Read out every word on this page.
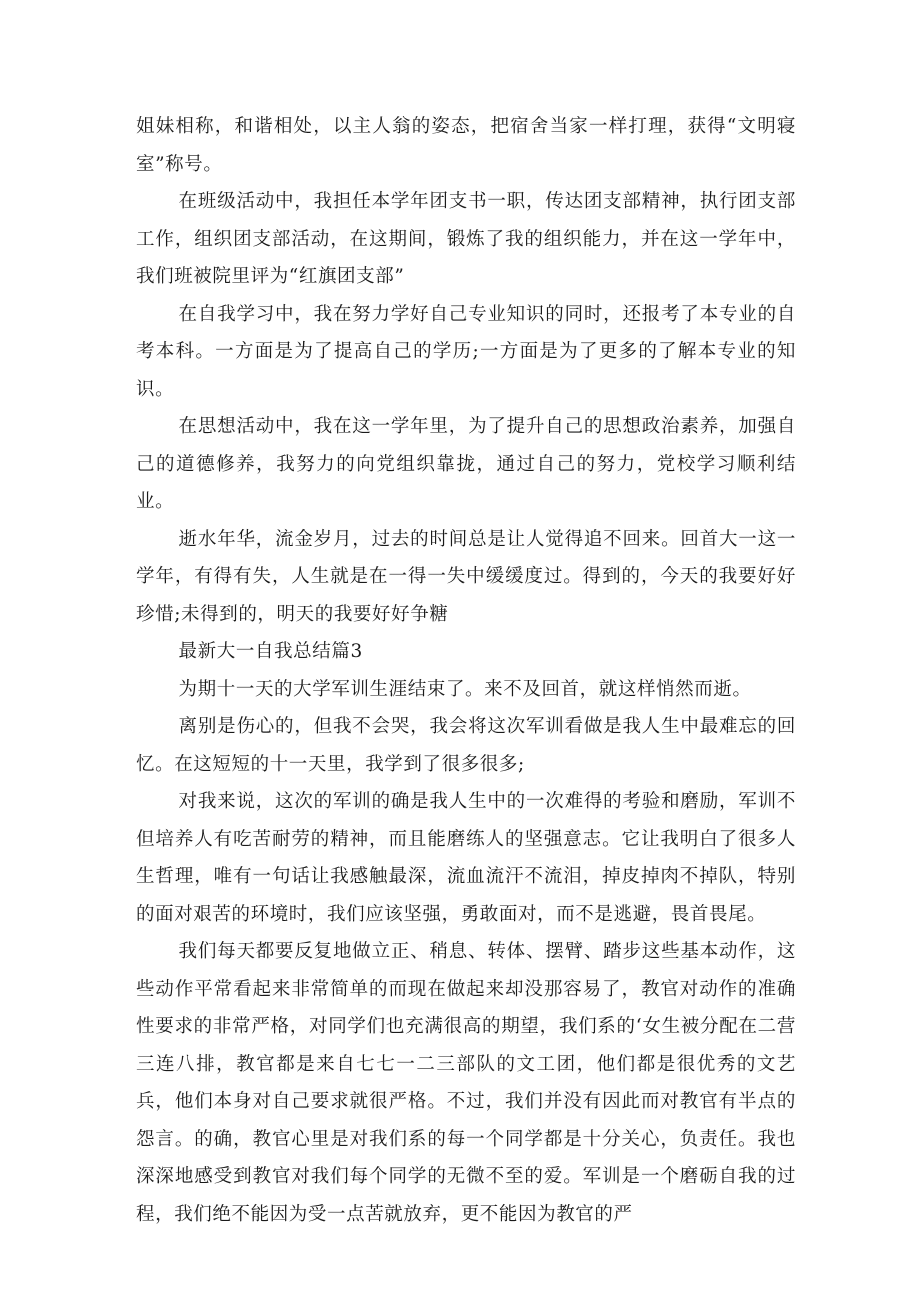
姐妹相称，和谐相处，以主人翁的姿态，把宿舍当家一样打理，获得“文明寝室”称号。

在班级活动中，我担任本学年团支书一职，传达团支部精神，执行团支部工作，组织团支部活动，在这期间，锻炼了我的组织能力，并在这一学年中，我们班被院里评为“红旗团支部”

在自我学习中，我在努力学好自己专业知识的同时，还报考了本专业的自考本科。一方面是为了提高自己的学历;一方面是为了更多的了解本专业的知识。

在思想活动中，我在这一学年里，为了提升自己的思想政治素养，加强自己的道德修养，我努力的向党组织靠拢，通过自己的努力，党校学习顺利结业。

逝水年华，流金岁月，过去的时间总是让人觉得追不回来。回首大一这一学年，有得有失，人生就是在一得一失中缓缓度过。得到的，今天的我要好好珍惜;未得到的，明天的我要好好争糖

最新大一自我总结篇3

为期十一天的大学军训生涯结束了。来不及回首，就这样悄然而逝。

离别是伤心的，但我不会哭，我会将这次军训看做是我人生中最难忘的回忆。在这短短的十一天里，我学到了很多很多;

对我来说，这次的军训的确是我人生中的一次难得的考验和磨励，军训不但培养人有吃苦耐劳的精神，而且能磨练人的坚强意志。它让我明白了很多人生哲理，唯有一句话让我感触最深，流血流汗不流泪，掉皮掉肉不掉队，特别的面对艰苦的环境时，我们应该坚强，勇敢面对，而不是逃避，畏首畏尾。

我们每天都要反复地做立正、稍息、转体、摆臂、踏步这些基本动作，这些动作平常看起来非常简单的而现在做起来却没那容易了，教官对动作的准确性要求的非常严格，对同学们也充满很高的期望，我们系的‘女生被分配在二营三连八排，教官都是来自七七一二三部队的文工团，他们都是很优秀的文艺兵，他们本身对自己要求就很严格。不过，我们并没有因此而对教官有半点的怨言。的确，教官心里是对我们系的每一个同学都是十分关心，负责任。我也深深地感受到教官对我们每个同学的无微不至的爱。军训是一个磨砺自我的过程，我们绝不能因为受一点苦就放弃，更不能因为教官的严
